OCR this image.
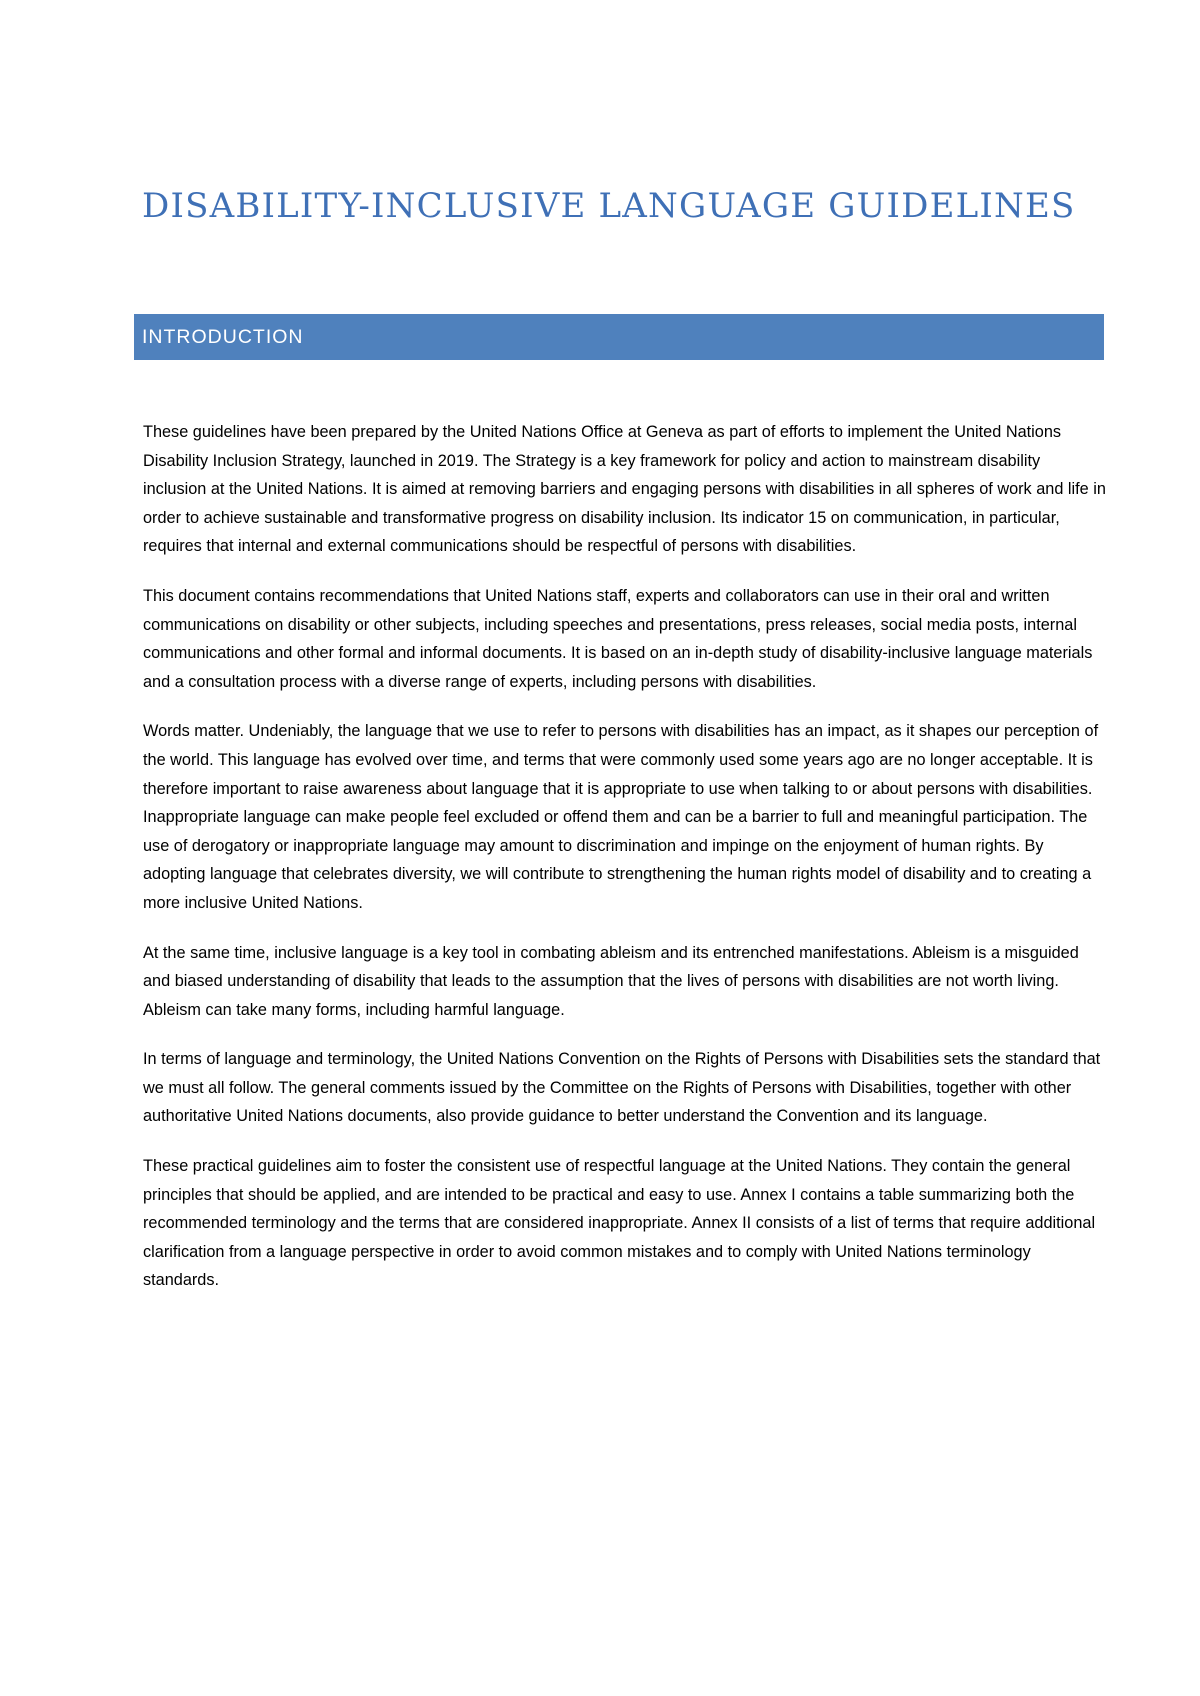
DISABILITY-INCLUSIVE LANGUAGE GUIDELINES
INTRODUCTION

These guidelines have been prepared by the United Nations Office at Geneva as part of efforts to implement the United Nations Disability Inclusion Strategy, launched in 2019. The Strategy is a key framework for policy and action to mainstream disability inclusion at the United Nations. It is aimed at removing barriers and engaging persons with disabilities in all spheres of work and life in order to achieve sustainable and transformative progress on disability inclusion. Its indicator 15 on communication, in particular, requires that internal and external communications should be respectful of persons with disabilities.

This document contains recommendations that United Nations staff, experts and collaborators can use in their oral and written communications on disability or other subjects, including speeches and presentations, press releases, social media posts, internal communications and other formal and informal documents. It is based on an in-depth study of disability-inclusive language materials and a consultation process with a diverse range of experts, including persons with disabilities.

Words matter. Undeniably, the language that we use to refer to persons with disabilities has an impact, as it shapes our perception of the world. This language has evolved over time, and terms that were commonly used some years ago are no longer acceptable. It is therefore important to raise awareness about language that it is appropriate to use when talking to or about persons with disabilities. Inappropriate language can make people feel excluded or offend them and can be a barrier to full and meaningful participation. The use of derogatory or inappropriate language may amount to discrimination and impinge on the enjoyment of human rights. By adopting language that celebrates diversity, we will contribute to strengthening the human rights model of disability and to creating a more inclusive United Nations.

At the same time, inclusive language is a key tool in combating ableism and its entrenched manifestations. Ableism is a misguided and biased understanding of disability that leads to the assumption that the lives of persons with disabilities are not worth living. Ableism can take many forms, including harmful language.

In terms of language and terminology, the United Nations Convention on the Rights of Persons with Disabilities sets the standard that we must all follow. The general comments issued by the Committee on the Rights of Persons with Disabilities, together with other authoritative United Nations documents, also provide guidance to better understand the Convention and its language.

These practical guidelines aim to foster the consistent use of respectful language at the United Nations. They contain the general principles that should be applied, and are intended to be practical and easy to use. Annex I contains a table summarizing both the recommended terminology and the terms that are considered inappropriate. Annex II consists of a list of terms that require additional clarification from a language perspective in order to avoid common mistakes and to comply with United Nations terminology standards.
